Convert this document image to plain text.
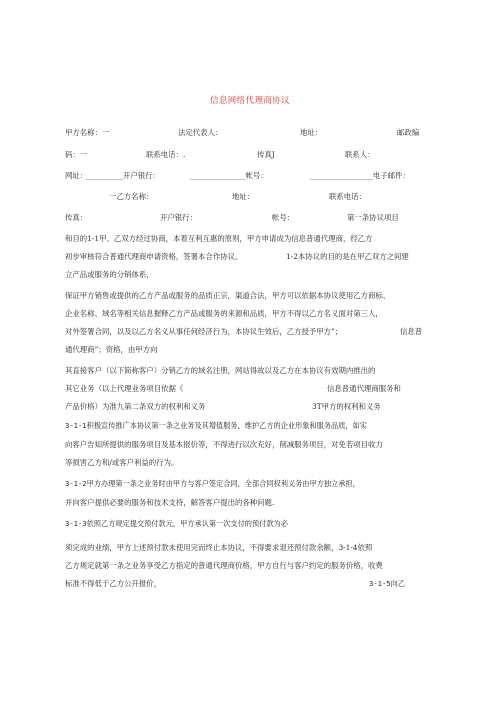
信息网络代理商协议
甲方名称：一	法定代表人：	地址：	邮政编
码：一	联系电话：.	传真J	联系人：
网址：
__________开户银行：	_______________帐号：	_________________电子邮件：
一乙方名称：	地址：	联系电话：
传真：	开户银行：	帐号：	第一条协议项目
和目的1-1甲、乙双方经过协商，本着互利互惠的原则，甲方申请成为信息普通代理商，经乙方
初步审核符合普通代理商申请资格，签署本合作协议。	1-2本协议的目的是在甲乙双方之间建
立产品或服务的分销体系，
保证甲方销售或提供的乙方产品或服务的品质正宗，渠道合法，甲方可以依据本协议使用乙方商标、
企业名称、域名等相关信息握释乙方产品或服务的来源和品质，甲方不得以乙方名义面对第三人，
对外签署合同，以及以乙方名义从事任何经济行为，本协议生效后，乙方授予甲方”；	信息普
通代理商”；资格，由甲方向
其直接客户（以下简称客户）分销乙方的域名注册，网站得故以及乙方在本协议有效期内推出的
其它业务（以上代理业务项目依据《	信息普通代理商服务和
产品价格）为准九第二条双方的权利和义务	3T甲方的权利和义务
3-1-1积极宣传推广本协议第一条之业务及其增值服务，维护乙方的企业形象和服务品质，如实
向客户告知所提供的服务项目及基本报价等，不得进行以次充好，削减服务项目，对免若项目收力
等损害乙方和/或客户利益的行为。
3-1-2甲方办理第一条之业务时由甲方与客户签定合同，全部合同权利义务由甲方独立承担，
并向客户提供必要的服务和技术支持，解答客户提出的各种问题.
3-1-3依照乙方规定提交预付款元，甲方承认第一次支付的预付款为必
须完成的业绩，甲方上述预付款未使用完而终止本协议，不得要求退还预付款余额，3-1-4依照
乙方规定就第一条之业务享受乙方指定的普通代理商价格，甲方自行与客户约定的服务价格，收费
标准不得低于乙方公开报价，	3-1-5向乙
